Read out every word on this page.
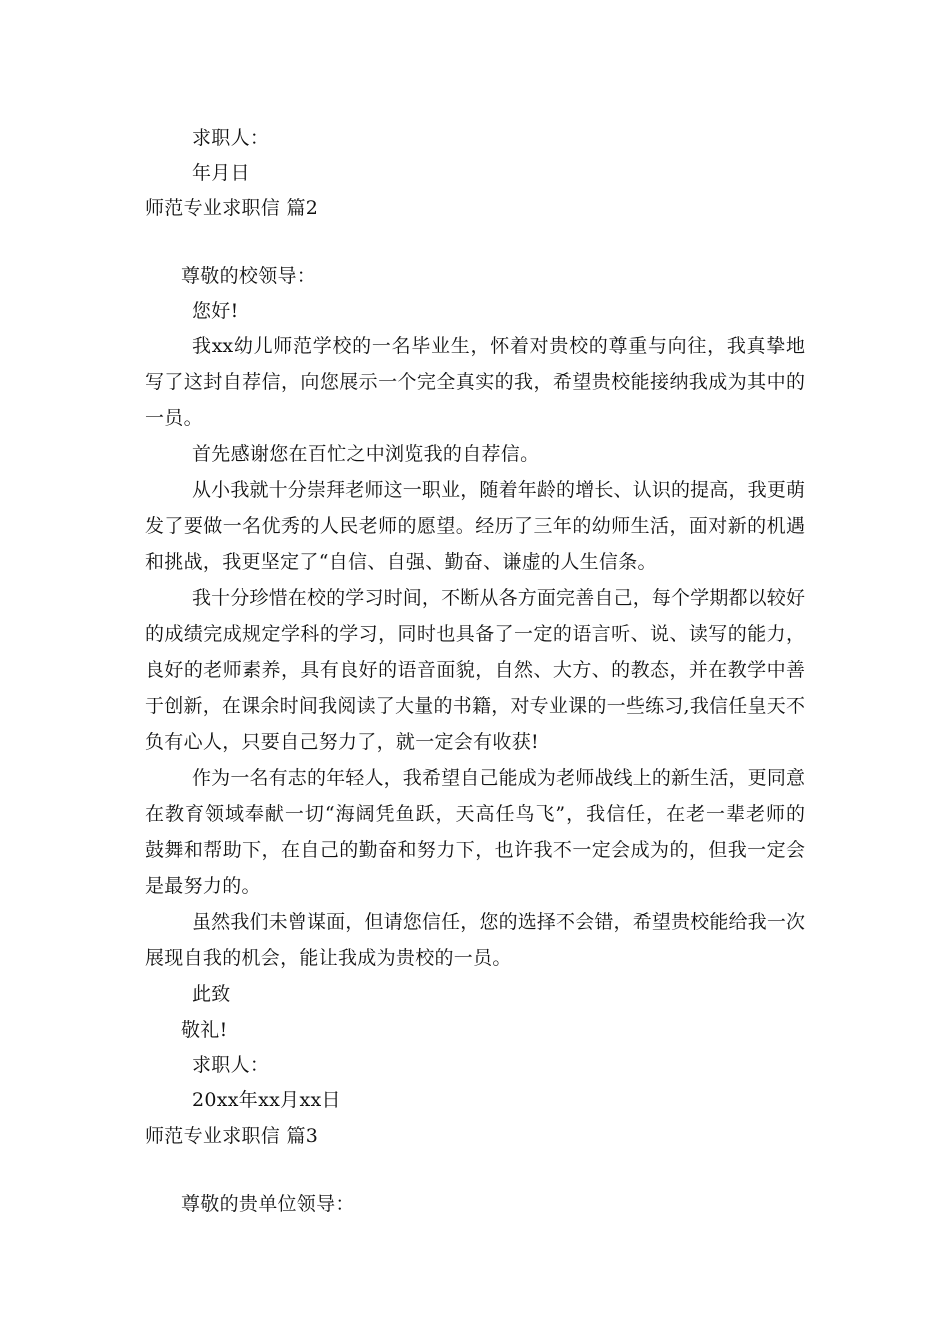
求职人：
年月日
师范专业求职信 篇2
尊敬的校领导：
您好!
我xx幼儿师范学校的一名毕业生，怀着对贵校的尊重与向往，我真挚地
写了这封自荐信，向您展示一个完全真实的我，希望贵校能接纳我成为其中的
一员。
首先感谢您在百忙之中浏览我的自荐信。
从小我就十分崇拜老师这一职业，随着年龄的增长、认识的提高，我更萌
发了要做一名优秀的人民老师的愿望。经历了三年的幼师生活，面对新的机遇
和挑战，我更坚定了“自信、自强、勤奋、谦虚的人生信条。
我十分珍惜在校的学习时间，不断从各方面完善自己，每个学期都以较好
的成绩完成规定学科的学习，同时也具备了一定的语言听、说、读写的能力，
良好的老师素养，具有良好的语音面貌，自然、大方、的教态，并在教学中善
于创新，在课余时间我阅读了大量的书籍，对专业课的一些练习,我信任皇天不
负有心人，只要自己努力了，就一定会有收获!
作为一名有志的年轻人，我希望自己能成为老师战线上的新生活，更同意
在教育领域奉献一切“海阔凭鱼跃，天高任鸟飞”，我信任，在老一辈老师的
鼓舞和帮助下，在自己的勤奋和努力下，也许我不一定会成为的，但我一定会
是最努力的。
虽然我们未曾谋面，但请您信任，您的选择不会错，希望贵校能给我一次
展现自我的机会，能让我成为贵校的一员。
此致
敬礼!
求职人：
20xx年xx月xx日
师范专业求职信 篇3
尊敬的贵单位领导：
